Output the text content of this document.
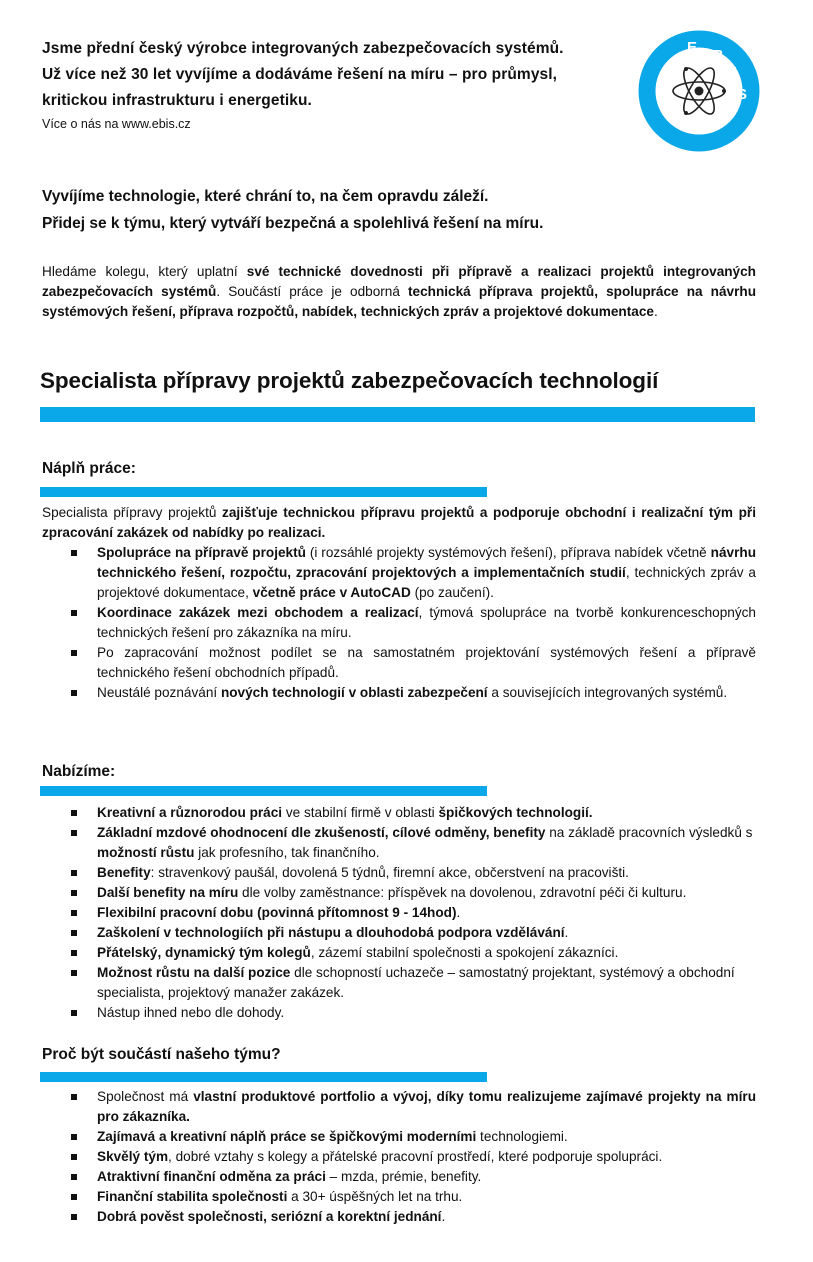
Jsme přední český výrobce integrovaných zabezpečovacích systémů.
Už více než 30 let vyvíjíme a dodáváme řešení na míru – pro průmysl,
kritickou infrastrukturu i energetiku.
Více o nás na www.ebis.cz
E B
I
S
Vyvíjíme technologie, které chrání to, na čem opravdu záleží.
Přidej se k týmu, který vytváří bezpečná a spolehlivá řešení na míru.
Hledáme kolegu, který uplatní své technické dovednosti při přípravě a realizaci projektů integrovaných zabezpečovacích systémů. Součástí práce je odborná technická příprava projektů, spolupráce na návrhu systémových řešení, příprava rozpočtů, nabídek, technických zpráv a projektové dokumentace.
Specialista přípravy projektů zabezpečovacích technologií
Náplň práce:
Specialista přípravy projektů zajišťuje technickou přípravu projektů a podporuje obchodní i realizační tým při zpracování zakázek od nabídky po realizaci.
Spolupráce na přípravě projektů (i rozsáhlé projekty systémových řešení), příprava nabídek včetně návrhu technického řešení, rozpočtu, zpracování projektových a implementačních studií, technických zpráv a projektové dokumentace, včetně práce v AutoCAD (po zaučení).
Koordinace zakázek mezi obchodem a realizací, týmová spolupráce na tvorbě konkurenceschopných technických řešení pro zákazníka na míru.
Po zapracování možnost podílet se na samostatném projektování systémových řešení a přípravě technického řešení obchodních případů.
Neustálé poznávání nových technologií v oblasti zabezpečení a souvisejících integrovaných systémů.
Nabízíme:
Kreativní a různorodou práci ve stabilní firmě v oblasti špičkových technologií.
Základní mzdové ohodnocení dle zkušeností, cílové odměny, benefity na základě pracovních výsledků s možností růstu jak profesního, tak finančního.
Benefity: stravenkový paušál, dovolená 5 týdnů, firemní akce, občerstvení na pracovišti.
Další benefity na míru dle volby zaměstnance: příspěvek na dovolenou, zdravotní péči či kulturu.
Flexibilní pracovní dobu (povinná přítomnost 9 - 14hod).
Zaškolení v technologiích při nástupu a dlouhodobá podpora vzdělávání.
Přátelský, dynamický tým kolegů, zázemí stabilní společnosti a spokojení zákazníci.
Možnost růstu na další pozice dle schopností uchazeče – samostatný projektant, systémový a obchodní specialista, projektový manažer zakázek.
Nástup ihned nebo dle dohody.
Proč být součástí našeho týmu?
Společnost má vlastní produktové portfolio a vývoj, díky tomu realizujeme zajímavé projekty na míru pro zákazníka.
Zajímavá a kreativní náplň práce se špičkovými moderními technologiemi.
Skvělý tým, dobré vztahy s kolegy a přátelské pracovní prostředí, které podporuje spolupráci.
Atraktivní finanční odměna za práci – mzda, prémie, benefity.
Finanční stabilita společnosti a 30+ úspěšných let na trhu.
Dobrá pověst společnosti, seriózní a korektní jednání.
